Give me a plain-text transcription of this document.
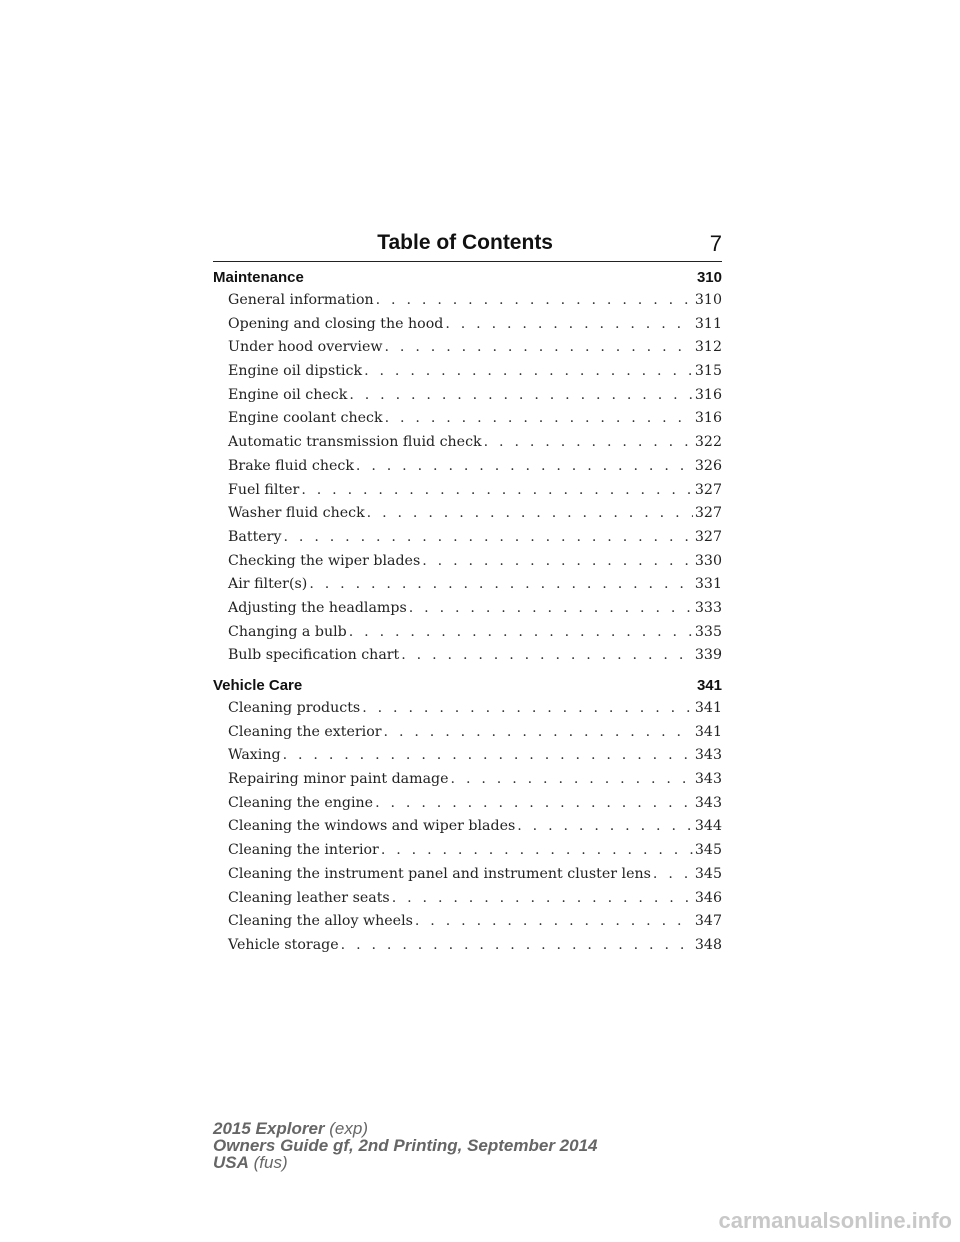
Table of Contents	7
Maintenance	310
General information . . .	310
Opening and closing the hood . . .	311
Under hood overview . . .	312
Engine oil dipstick . . .	315
Engine oil check . . .	316
Engine coolant check . . .	316
Automatic transmission fluid check . . .	322
Brake fluid check . . .	326
Fuel filter . . .	327
Washer fluid check . . .	327
Battery . . .	327
Checking the wiper blades . . .	330
Air filter(s) . . .	331
Adjusting the headlamps . . .	333
Changing a bulb . . .	335
Bulb specification chart . . .	339
Vehicle Care	341
Cleaning products . . .	341
Cleaning the exterior . . .	341
Waxing . . .	343
Repairing minor paint damage . . .	343
Cleaning the engine . . .	343
Cleaning the windows and wiper blades . . .	344
Cleaning the interior . . .	345
Cleaning the instrument panel and instrument cluster lens . . .	345
Cleaning leather seats . . .	346
Cleaning the alloy wheels . . .	347
Vehicle storage . . .	348
2015 Explorer (exp)
Owners Guide gf, 2nd Printing, September 2014
USA (fus)
carmanualsonline.info
